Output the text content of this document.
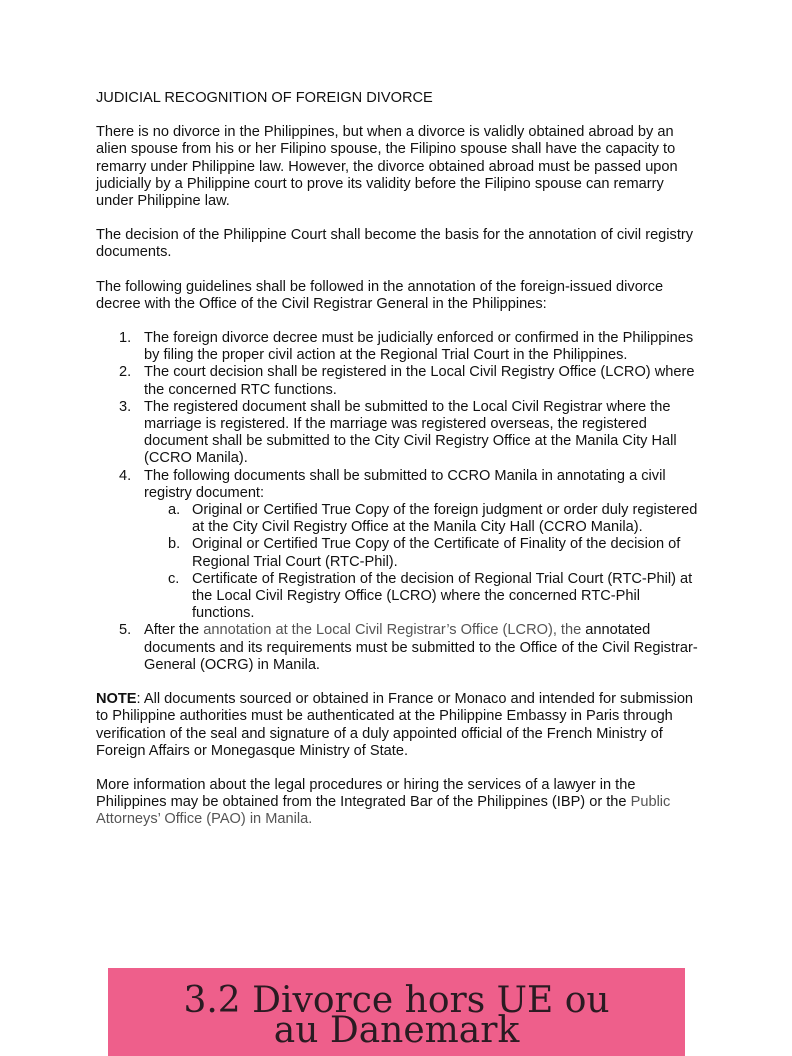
JUDICIAL RECOGNITION OF FOREIGN DIVORCE

There is no divorce in the Philippines, but when a divorce is validly obtained abroad by an alien spouse from his or her Filipino spouse, the Filipino spouse shall have the capacity to remarry under Philippine law. However, the divorce obtained abroad must be passed upon judicially by a Philippine court to prove its validity before the Filipino spouse can remarry under Philippine law.

The decision of the Philippine Court shall become the basis for the annotation of civil registry documents.

The following guidelines shall be followed in the annotation of the foreign-issued divorce decree with the Office of the Civil Registrar General in the Philippines:

1. The foreign divorce decree must be judicially enforced or confirmed in the Philippines by filing the proper civil action at the Regional Trial Court in the Philippines.
2. The court decision shall be registered in the Local Civil Registry Office (LCRO) where the concerned RTC functions.
3. The registered document shall be submitted to the Local Civil Registrar where the marriage is registered. If the marriage was registered overseas, the registered document shall be submitted to the City Civil Registry Office at the Manila City Hall (CCRO Manila).
4. The following documents shall be submitted to CCRO Manila in annotating a civil registry document:
a. Original or Certified True Copy of the foreign judgment or order duly registered at the City Civil Registry Office at the Manila City Hall (CCRO Manila).
b. Original or Certified True Copy of the Certificate of Finality of the decision of Regional Trial Court (RTC-Phil).
c. Certificate of Registration of the decision of Regional Trial Court (RTC-Phil) at the Local Civil Registry Office (LCRO) where the concerned RTC-Phil functions.
5. After the annotation at the Local Civil Registrar’s Office (LCRO), the annotated documents and its requirements must be submitted to the Office of the Civil Registrar-General (OCRG) in Manila.

NOTE: All documents sourced or obtained in France or Monaco and intended for submission to Philippine authorities must be authenticated at the Philippine Embassy in Paris through verification of the seal and signature of a duly appointed official of the French Ministry of Foreign Affairs or Monegasque Ministry of State.

More information about the legal procedures or hiring the services of a lawyer in the Philippines may be obtained from the Integrated Bar of the Philippines (IBP) or the Public Attorneys’ Office (PAO) in Manila.

3.2 Divorce hors UE ou
au Danemark
